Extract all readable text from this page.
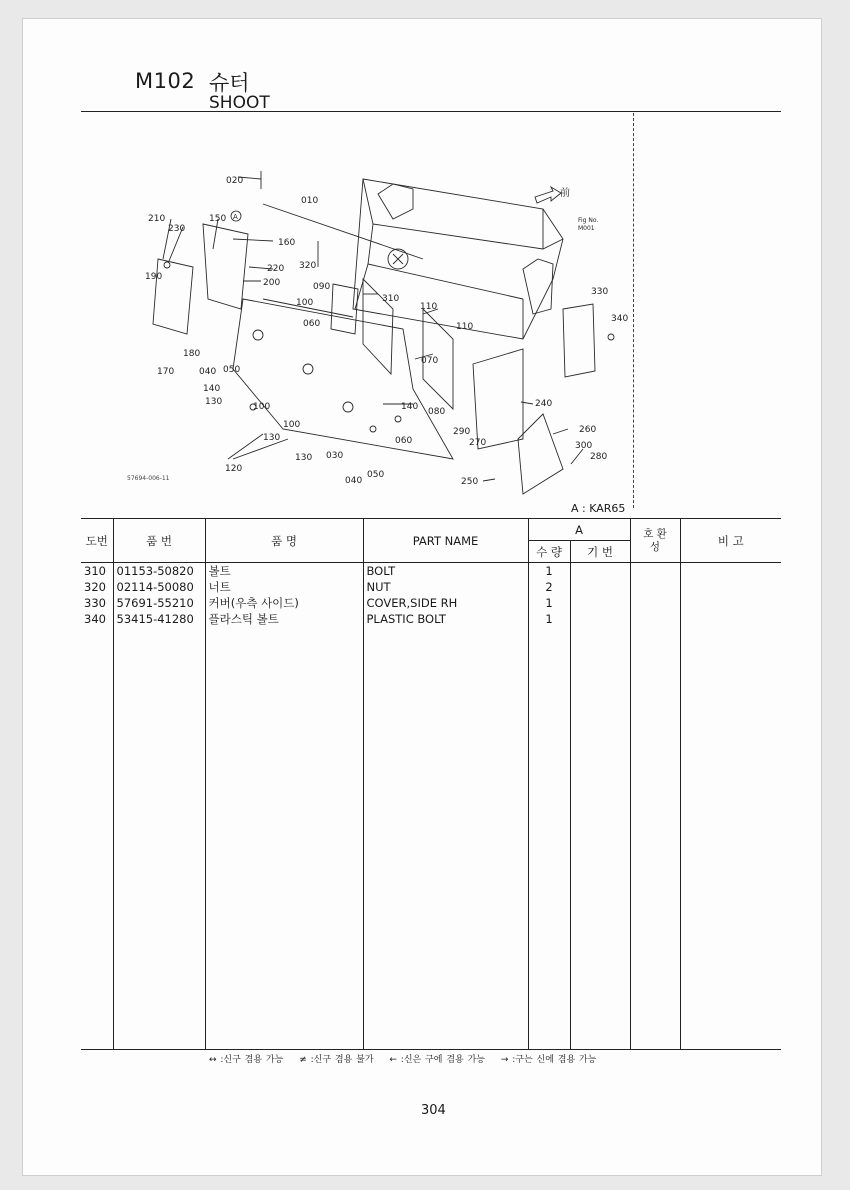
M102 슈터
SHOOT
020
010
210
230
150
160
320
220
200
190
090
100	310
110
060	110
180
170	040 050
070
140
130	100	140 080
100
130
240
290
270
060
260
300
280
130 030
120
050
040	250
330
340
前
Fig No.
M001
A
57694-006-11
A : KAR65
도번	품 번	품 명	PART NAME	A		호 환 성	비 고
				수 량	기 번		
310	01153-50820	볼트	BOLT	1			
320	02114-50080	너트	NUT	2			
330	57691-55210	커버(우측 사이드)	COVER,SIDE RH	1			
340	53415-41280	플라스틱 볼트	PLASTIC BOLT	1			

↔ :신구 겸용 가능 ≠ :신구 겸용 불가 ← :신은 구에 겸용 가능 → :구는 신에 겸용 가능
304
